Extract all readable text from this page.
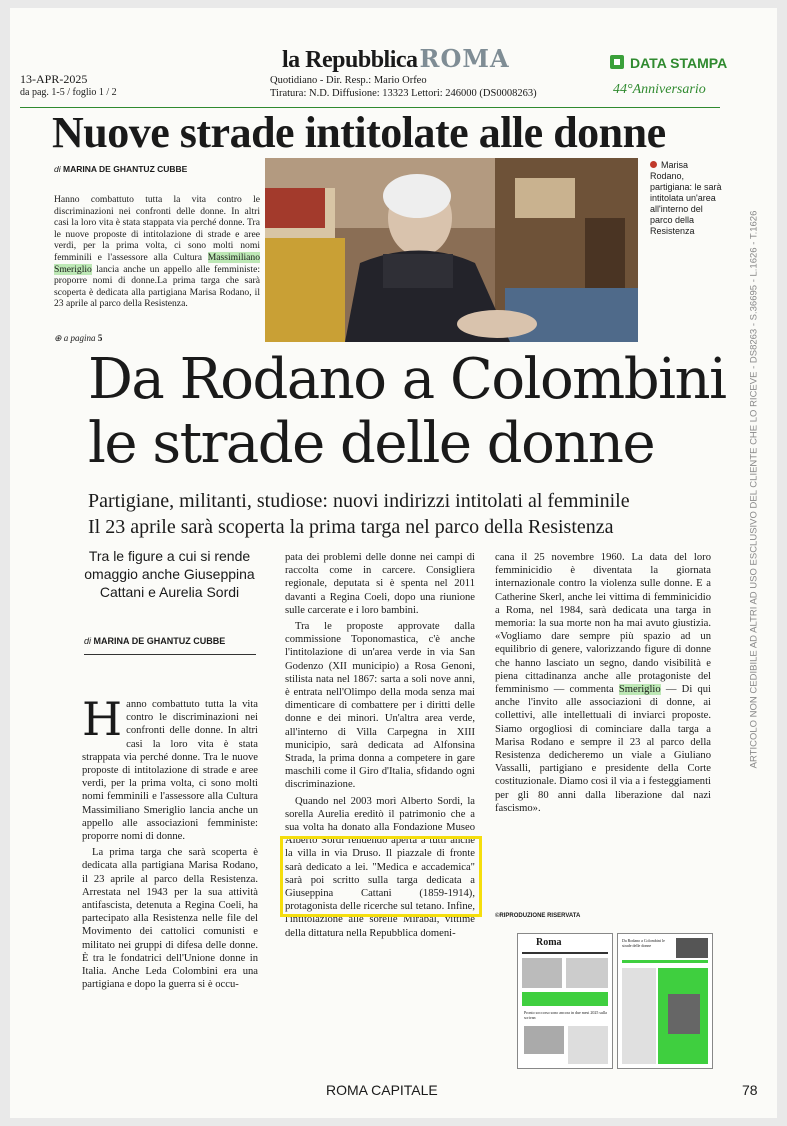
13-APR-2025
da pag. 1-5 / foglio 1 / 2
la RepubblicaROMA
Quotidiano - Dir. Resp.: Mario Orfeo
Tiratura: N.D. Diffusione: 13323 Lettori: 246000 (DS0008263)
DATA STAMPA
44°Anniversario
Nuove strade intitolate alle donne
di MARINA DE GHANTUZ CUBBE
Hanno combattuto tutta la vita contro le discriminazioni nei confronti delle donne. In altri casi la loro vita è stata stappata via perché donne. Tra le nuove proposte di intitolazione di strade e aree verdi, per la prima volta, ci sono molti nomi femminili e l'assessore alla Cultura Massimiliano Smeriglio lancia anche un appello alle femministe: proporre nomi di donne.La prima targa che sarà scoperta è dedicata alla partigiana Marisa Rodano, il 23 aprile al parco della Resistenza.
⊕ a pagina 5
Marisa Rodano, partigiana: le sarà intitolata un'area all'interno del parco della Resistenza
Da Rodano a Colombini
le strade delle donne
Partigiane, militanti, studiose: nuovi indirizzi intitolati al femminile
Il 23 aprile sarà scoperta la prima targa nel parco della Resistenza
Tra le figure a cui si rende omaggio anche Giuseppina Cattani e Aurelia Sordi
di MARINA DE GHANTUZ CUBBE

Hanno combattuto tutta la vita contro le discriminazioni nei confronti delle donne. In altri casi la loro vita è stata strappata via perché donne. Tra le nuove proposte di intitolazione di strade e aree verdi, per la prima volta, ci sono molti nomi femminili e l'assessore alla Cultura Massimiliano Smeriglio lancia anche un appello alle associazioni femministe: proporre nomi di donne.

La prima targa che sarà scoperta è dedicata alla partigiana Marisa Rodano, il 23 aprile al parco della Resistenza. Arrestata nel 1943 per la sua attività antifascista, detenuta a Regina Coeli, ha partecipato alla Resistenza nelle file del Movimento dei cattolici comunisti e militato nei gruppi di difesa delle donne. È tra le fondatrici dell'Unione donne in Italia. Anche Leda Colombini era una partigiana e dopo la guerra si è occu-

pata dei problemi delle donne nei campi di raccolta come in carcere. Consigliera regionale, deputata si è spenta nel 2011 davanti a Regina Coeli, dopo una riunione sulle carcerate e i loro bambini.

Tra le proposte approvate dalla commissione Toponomastica, c'è anche l'intitolazione di un'area verde in via San Godenzo (XII municipio) a Rosa Genoni, stilista nata nel 1867: sarta a soli nove anni, è entrata nell'Olimpo della moda senza mai dimenticare di combattere per i diritti delle donne e dei minori. Un'altra area verde, all'interno di Villa Carpegna in XIII municipio, sarà dedicata ad Alfonsina Strada, la prima donna a competere in gare maschili come il Giro d'Italia, sfidando ogni discriminazione.

Quando nel 2003 morì Alberto Sordi, la sorella Aurelia ereditò il patrimonio che a sua volta ha donato alla Fondazione Museo Alberto Sordi rendendo aperta a tutti anche la villa in via Druso. Il piazzale di fronte sarà dedicato a lei. "Medica e accademica" sarà poi scritto sulla targa dedicata a Giuseppina Cattani (1859-1914), protagonista delle ricerche sul tetano. Infine, l'intitolazione alle sorelle Mirabal, vittime della dittatura nella Repubblica domeni-

cana il 25 novembre 1960. La data del loro femminicidio è diventata la giornata internazionale contro la violenza sulle donne. E a Catherine Skerl, anche lei vittima di femminicidio a Roma, nel 1984, sarà dedicata una targa in memoria: la sua morte non ha mai avuto giustizia. «Vogliamo dare sempre più spazio ad un equilibrio di genere, valorizzando figure di donne che hanno lasciato un segno, dando visibilità e piena cittadinanza anche alle protagoniste del femminismo — commenta Smeriglio — Di qui anche l'invito alle associazioni di donne, ai collettivi, alle intellettuali di inviarci proposte. Siamo orgogliosi di cominciare dalla targa a Marisa Rodano e sempre il 23 al parco della Resistenza dedicheremo un viale a Giuliano Vassalli, partigiano e presidente della Corte costituzionale. Diamo così il via a i festeggiamenti per gli 80 anni dalla liberazione dal nazi fascismo».

©RIPRODUZIONE RISERVATA
Roma
Pronto soccorso sono ancora in due mesi 2025 sulla scrivan
Da Rodano a Colombini le strade delle donne
ARTICOLO NON CEDIBILE AD ALTRI AD USO ESCLUSIVO DEL CLIENTE CHE LO RICEVE - DS8263 - S.36695 - L.1626 - T.1626
ROMA CAPITALE	78
